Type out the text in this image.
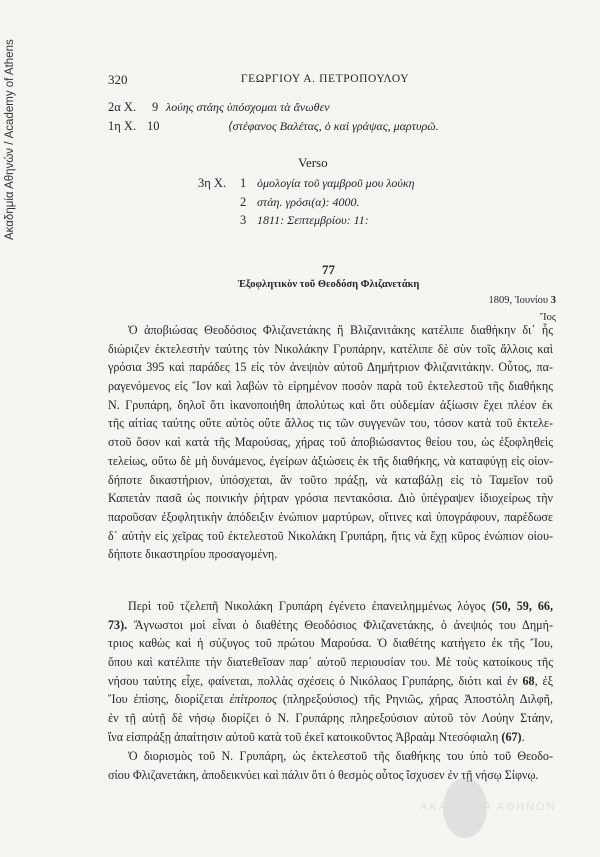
Ακαδημία Αθηνών / Academy of Athens	320	ΓΕΩΡΓΙΟΥ Α. ΠΕΤΡΟΠΟΥΛΟΥ
2α Χ. 9 λούης στάης ὑπόσχομαι τὰ ἄνωθεν
1η Χ. 10	⟨στέφανος Βαλέτας, ὁ καὶ γράψας, μαρτυρῶ.
Verso
3η Χ. 1 ὁμολογία τοῦ γαμβροῦ μου λούκη
2 στάη. γρόσι(α): 4000.
3 1811: Σεπτεμβρίου: 11:
77
Ἐξοφλητικὸν τοῦ Θεοδόση Φλιζανετάκη
1809, Ἰουνίου 3
Ἴος
Ὁ ἀποβιώσας Θεοδόσιος Φλιζανετάκης ἢ Βλιζανιτάκης κατέλιπε διαθήκην δι᾿ ἧς
διώριζεν ἐκτελεστὴν ταύτης τὸν Νικολάκην Γρυπάρην, κατέλιπε δὲ σὺν τοῖς ἄλλοις καὶ
γρόσια 395 καὶ παράδες 15 εἰς τὸν ἀνεψιὸν αὐτοῦ Δημήτριον Φλιζανιτάκην. Οὗτος, πα-
ραγενόμενος εἰς Ἴον καὶ λαβὼν τὸ εἰρημένον ποσὸν παρὰ τοῦ ἐκτελεστοῦ τῆς διαθήκης
Ν. Γρυπάρη, δηλοῖ ὅτι ἱκανοποιήθη ἀπολύτως καὶ ὅτι οὐδεμίαν ἀξίωσιν ἔχει πλέον ἐκ
τῆς αἰτίας ταύτης οὔτε αὐτὸς οὔτε ἄλλος τις τῶν συγγενῶν του, τόσον κατὰ τοῦ ἐκτελε-
στοῦ ὅσον καὶ κατὰ τῆς Μαρούσας, χήρας τοῦ ἀποβιώσαντος θείου του, ὡς ἐξοφληθεὶς
τελείως, οὕτω δὲ μὴ δυνάμενος, ἐγείρων ἀξιώσεις ἐκ τῆς διαθήκης, νὰ καταφύγῃ εἰς οἱον-
δήποτε δικαστήριον, ὑπόσχεται, ἂν τοῦτο πράξῃ, νὰ καταβάλῃ εἰς τὸ Ταμεῖον τοῦ
Καπετὰν πασᾶ ὡς ποινικὴν ῥήτραν γρόσια πεντακόσια. Διὸ ὑπέγραψεν ἰδιοχείρως τὴν
παροῦσαν ἐξοφλητικὴν ἀπόδειξιν ἐνώπιον μαρτύρων, οἵτινες καὶ ὑπογράφουν, παρέδωσε
δ᾿ αὐτὴν εἰς χεῖρας τοῦ ἐκτελεστοῦ Νικολάκη Γρυπάρη, ἥτις νὰ ἔχῃ κῦρος ἐνώπιον οἱου-
δήποτε δικαστηρίου προσαγομένη.
Περὶ τοῦ τζελεπῆ Νικολάκη Γρυπάρη ἐγένετο ἐπανειλημμένως λόγος (50, 59, 66,
73). Ἄγνωστοι μοὶ εἶναι ὁ διαθέτης Θεοδόσιος Φλιζανετάκης, ὁ ἀνεψιός του Δημή-
τριος καθὼς καὶ ἡ σύζυγος τοῦ πρώτου Μαρούσα. Ὁ διαθέτης κατήγετο ἐκ τῆς Ἴου,
ὅπου καὶ κατέλιπε τὴν διατεθεῖσαν παρ᾿ αὐτοῦ περιουσίαν του. Μὲ τοὺς κατοίκους τῆς
νήσου ταύτης εἶχε, φαίνεται, πολλὰς σχέσεις ὁ Νικόλαος Γρυπάρης, διότι καὶ ἐν 68, ἐξ
Ἴου ἐπίσης, διορίζεται ἐπίτροπος (πληρεξούσιος) τῆς Ρηνιῶς, χήρας Ἀποστόλη Διλφῆ,
ἐν τῇ αὐτῇ δὲ νήσῳ διορίζει ὁ Ν. Γρυπάρης πληρεξούσιον αὐτοῦ τὸν Λούην Στάην,
ἵνα εἰσπράξῃ ἀπαίτησιν αὐτοῦ κατὰ τοῦ ἐκεῖ κατοικοῦντος Ἀβραὰμ Ντεσόφιαλη (67).
Ὁ διορισμὸς τοῦ Ν. Γρυπάρη, ὡς ἐκτελεστοῦ τῆς διαθήκης του ὑπὸ τοῦ Θεοδο-
σίου Φλιζανετάκη, ἀποδεικνύει καὶ πάλιν ὅτι ὁ θεσμὸς οὗτος ἴσχυσεν ἐν τῇ νήσῳ Σίφνῳ.
ΑΚΑΔΗΜΙΑ ΑΘΗΝΩΝ
